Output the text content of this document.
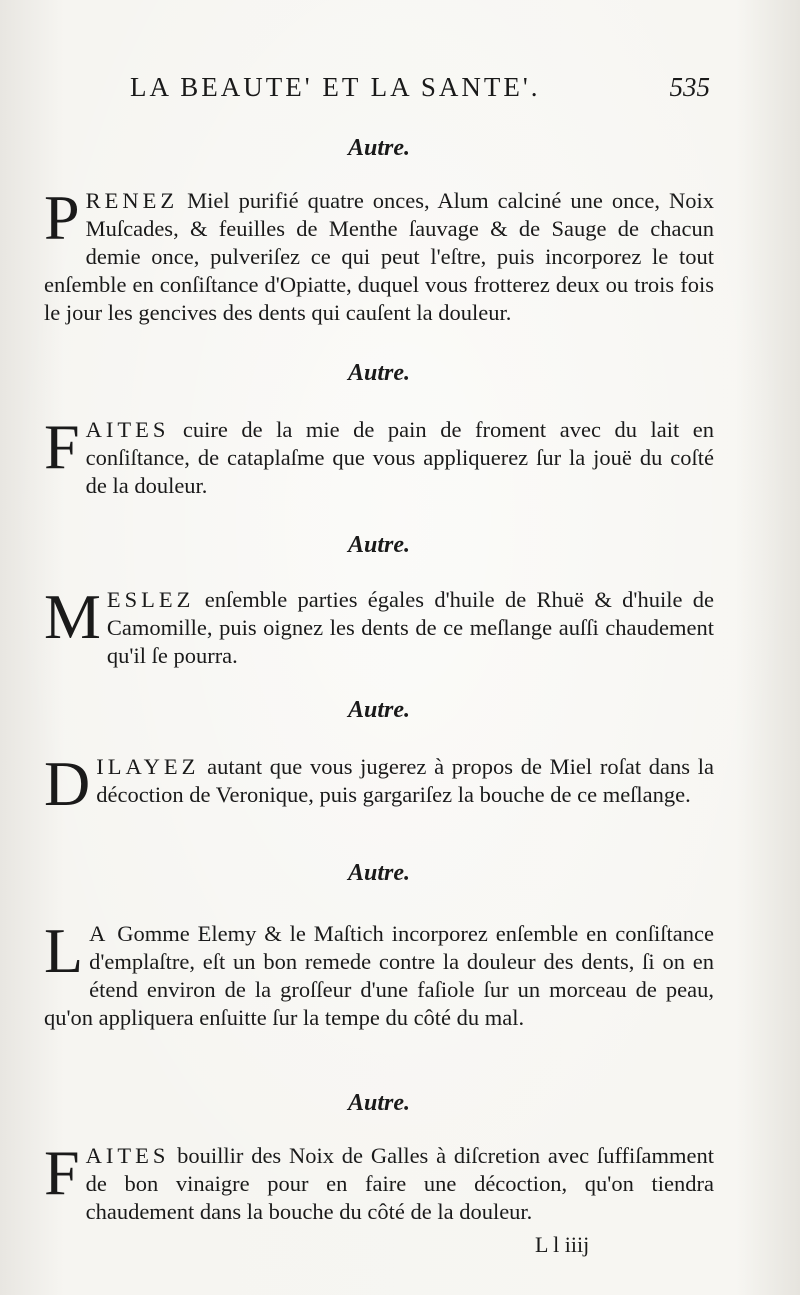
LA BEAUTE' ET LA SANTE'.	535
Autre.

PRENEZ Miel purifié quatre onces, Alum calciné une once, Noix Muſcades, & feuilles de Menthe ſauvage & de Sauge de chacun demie once, pulveriſez ce qui peut l'eſtre, puis incorporez le tout enſemble en conſiſtance d'Opiatte, duquel vous frotterez deux ou trois fois le jour les gencives des dents qui cauſent la douleur.

Autre.

FAITES cuire de la mie de pain de froment avec du lait en conſiſtance, de cataplaſme que vous appliquerez ſur la jouë du coſté de la douleur.

Autre.

MESLEZ enſemble parties égales d'huile de Rhuë & d'huile de Camomille, puis oignez les dents de ce meſlange auſſi chaudement qu'il ſe pourra.

Autre.

DILAYEZ autant que vous jugerez à propos de Miel roſat dans la décoction de Veronique, puis gargariſez la bouche de ce meſlange.

Autre.

L A Gomme Elemy & le Maſtich incorporez enſemble en conſiſtance d'emplaſtre, eſt un bon remede contre la douleur des dents, ſi on en étend environ de la groſſeur d'une faſiole ſur un morceau de peau, qu'on appliquera enſuitte ſur la tempe du côté du mal.

Autre.

FAITES bouillir des Noix de Galles à diſcretion avec ſuffiſamment de bon vinaigre pour en faire une décoction, qu'on tiendra chaudement dans la bouche du côté de la douleur.

L l iiij
